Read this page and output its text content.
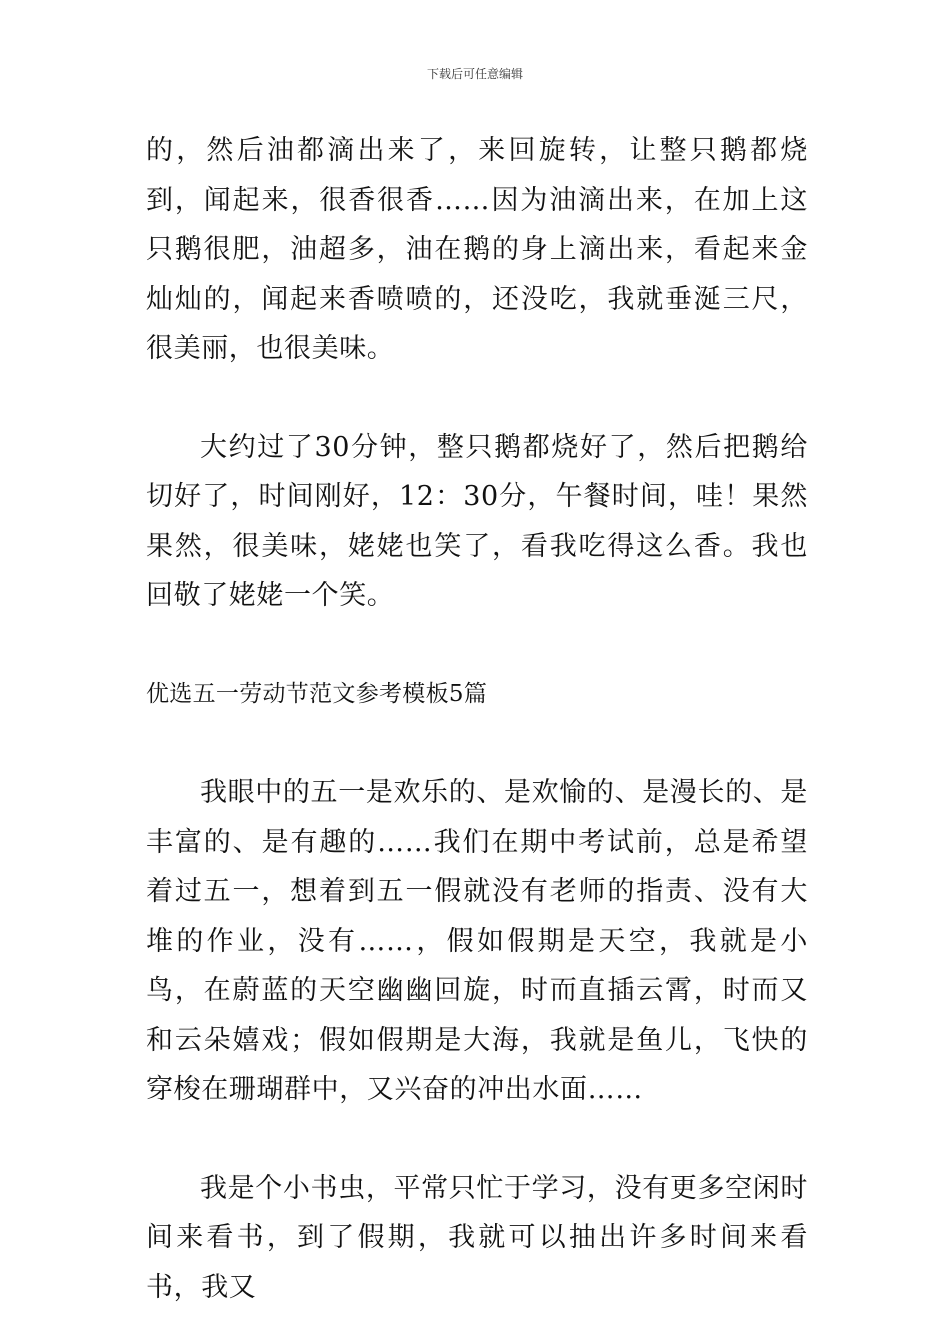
下载后可任意编辑

的，然后油都滴出来了，来回旋转，让整只鹅都烧到，闻起来，很香很香……因为油滴出来，在加上这只鹅很肥，油超多，油在鹅的身上滴出来，看起来金灿灿的，闻起来香喷喷的，还没吃，我就垂涎三尺，很美丽，也很美味。

大约过了30分钟，整只鹅都烧好了，然后把鹅给切好了，时间刚好，12：30分，午餐时间，哇！果然果然，很美味，姥姥也笑了，看我吃得这么香。我也回敬了姥姥一个笑。

优选五一劳动节范文参考模板5篇

我眼中的五一是欢乐的、是欢愉的、是漫长的、是丰富的、是有趣的……我们在期中考试前，总是希望着过五一，想着到五一假就没有老师的指责、没有大堆的作业，没有……，假如假期是天空，我就是小鸟，在蔚蓝的天空幽幽回旋，时而直插云霄，时而又和云朵嬉戏；假如假期是大海，我就是鱼儿，飞快的穿梭在珊瑚群中，又兴奋的冲出水面……

我是个小书虫，平常只忙于学习，没有更多空闲时间来看书，到了假期，我就可以抽出许多时间来看书，我又
